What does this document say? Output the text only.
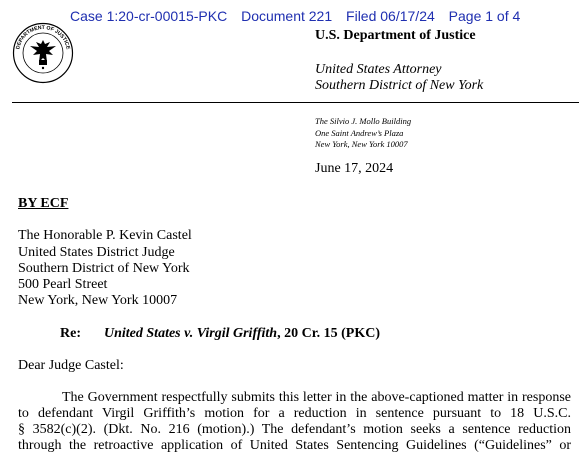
Case 1:20-cr-00015-PKC Document 221 Filed 06/17/24 Page 1 of 4
DEPARTMENT OF JUSTICE
U.S. Department of Justice
United States Attorney
Southern District of New York
The Silvio J. Mollo Building
One Saint Andrew’s Plaza
New York, New York 10007
June 17, 2024
BY ECF
The Honorable P. Kevin Castel
United States District Judge
Southern District of New York
500 Pearl Street
New York, New York 10007
Re: United States v. Virgil Griffith, 20 Cr. 15 (PKC)
Dear Judge Castel:
The Government respectfully submits this letter in the above-captioned matter in response
to defendant Virgil Griffith’s motion for a reduction in sentence pursuant to 18 U.S.C.
§ 3582(c)(2). (Dkt. No. 216 (motion).) The defendant’s motion seeks a sentence reduction
through the retroactive application of United States Sentencing Guidelines (“Guidelines” or
